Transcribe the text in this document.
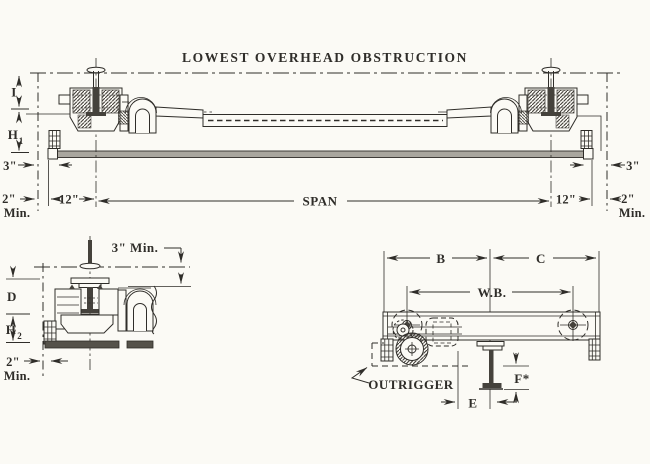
LOWEST OVERHEAD OBSTRUCTION
I
H 1
3"
2"
Min.
12"	SPAN	12"
3"
2"
Min.
3" Min.
D
H 2
2"
Min.
B	C
W.B.
OUTRIGGER	F*
E
